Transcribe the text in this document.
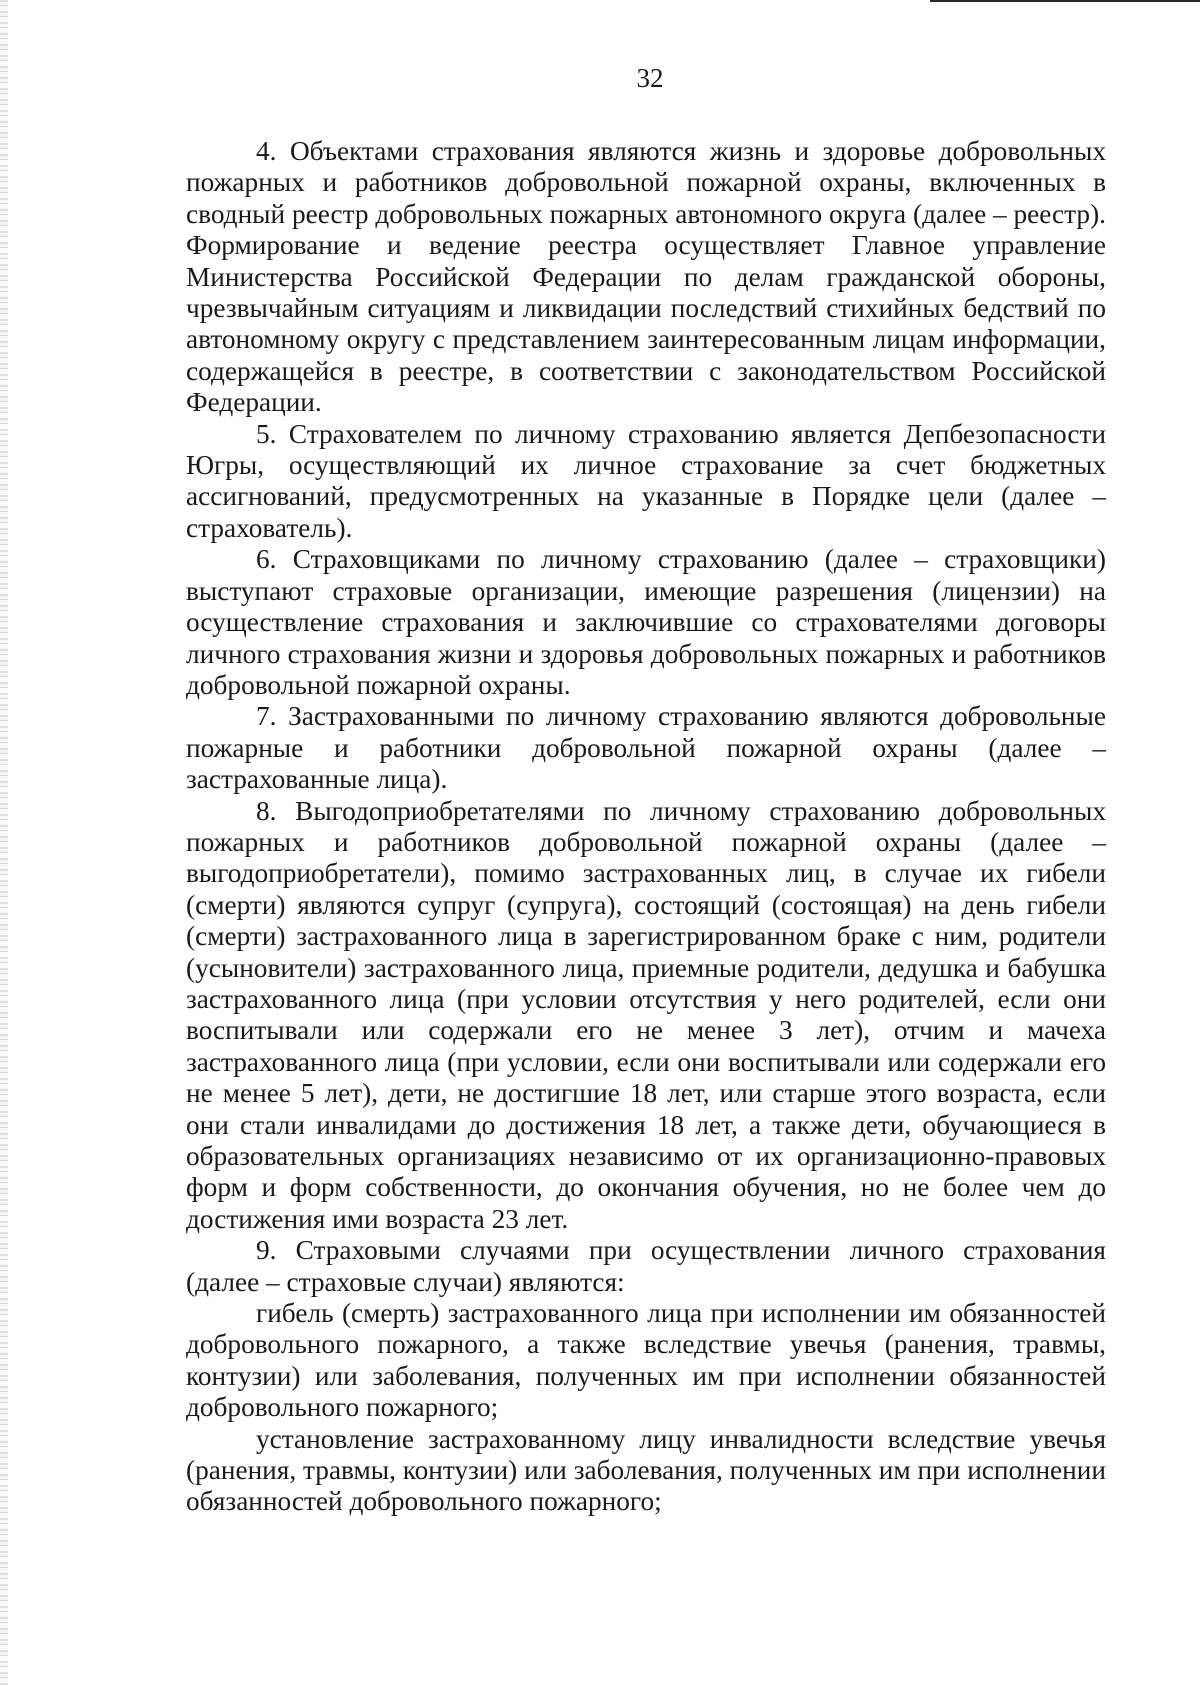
32

4. Объектами страхования являются жизнь и здоровье добровольных пожарных и работников добровольной пожарной охраны, включенных в сводный реестр добровольных пожарных автономного округа (далее – реестр). Формирование и ведение реестра осуществляет Главное управление Министерства Российской Федерации по делам гражданской обороны, чрезвычайным ситуациям и ликвидации последствий стихийных бедствий по автономному округу с представлением заинтересованным лицам информации, содержащейся в реестре, в соответствии с законодательством Российской Федерации.

5. Страхователем по личному страхованию является Депбезопасности Югры, осуществляющий их личное страхование за счет бюджетных ассигнований, предусмотренных на указанные в Порядке цели (далее – страхователь).

6. Страховщиками по личному страхованию (далее – страховщики) выступают страховые организации, имеющие разрешения (лицензии) на осуществление страхования и заключившие со страхователями договоры личного страхования жизни и здоровья добровольных пожарных и работников добровольной пожарной охраны.

7. Застрахованными по личному страхованию являются добровольные пожарные и работники добровольной пожарной охраны (далее – застрахованные лица).

8. Выгодоприобретателями по личному страхованию добровольных пожарных и работников добровольной пожарной охраны (далее – выгодоприобретатели), помимо застрахованных лиц, в случае их гибели (смерти) являются супруг (супруга), состоящий (состоящая) на день гибели (смерти) застрахованного лица в зарегистрированном браке с ним, родители (усыновители) застрахованного лица, приемные родители, дедушка и бабушка застрахованного лица (при условии отсутствия у него родителей, если они воспитывали или содержали его не менее 3 лет), отчим и мачеха застрахованного лица (при условии, если они воспитывали или содержали его не менее 5 лет), дети, не достигшие 18 лет, или старше этого возраста, если они стали инвалидами до достижения 18 лет, а также дети, обучающиеся в образовательных организациях независимо от их организационно-правовых форм и форм собственности, до окончания обучения, но не более чем до достижения ими возраста 23 лет.

9. Страховыми случаями при осуществлении личного страхования (далее – страховые случаи) являются:

гибель (смерть) застрахованного лица при исполнении им обязанностей добровольного пожарного, а также вследствие увечья (ранения, травмы, контузии) или заболевания, полученных им при исполнении обязанностей добровольного пожарного;

установление застрахованному лицу инвалидности вследствие увечья (ранения, травмы, контузии) или заболевания, полученных им при исполнении обязанностей добровольного пожарного;
